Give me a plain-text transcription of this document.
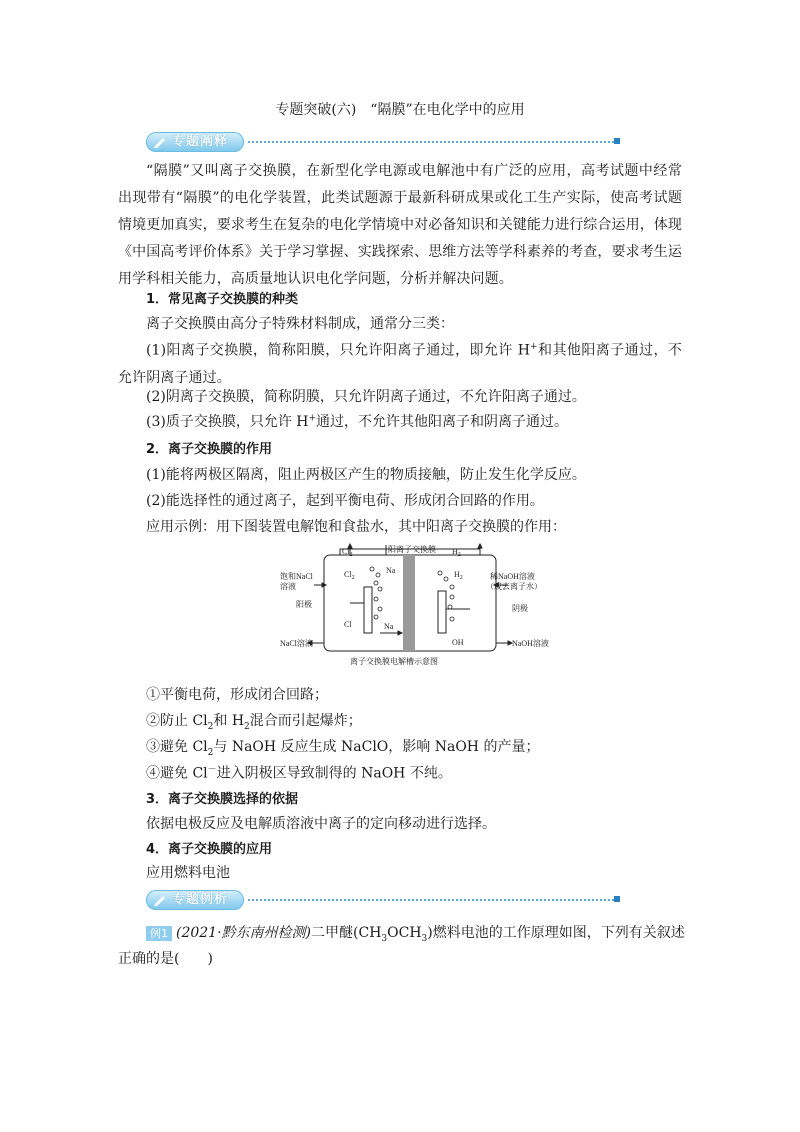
专题突破(六)　“隔膜”在电化学中的应用
专题阐释
“隔膜”又叫离子交换膜，在新型化学电源或电解池中有广泛的应用，高考试题中经常出现带有“隔膜”的电化学装置，此类试题源于最新科研成果或化工生产实际，使高考试题情境更加真实，要求考生在复杂的电化学情境中对必备知识和关键能力进行综合运用，体现《中国高考评价体系》关于学习掌握、实践探索、思维方法等学科素养的考查，要求考生运用学科相关能力，高质量地认识电化学问题，分析并解决问题。
1．常见离子交换膜的种类
离子交换膜由高分子特殊材料制成，通常分三类：
(1)阳离子交换膜，简称阳膜，只允许阳离子通过，即允许 H+和其他阳离子通过，不允许阴离子通过。
(2)阴离子交换膜，简称阴膜，只允许阴离子通过，不允许阳离子通过。
(3)质子交换膜，只允许 H+通过，不允许其他阳离子和阴离子通过。
2．离子交换膜的作用
(1)能将两极区隔离，阻止两极区产生的物质接触，防止发生化学反应。
(2)能选择性的通过离子，起到平衡电荷、形成闭合回路的作用。
应用示例：用下图装置电解饱和食盐水，其中阳离子交换膜的作用：
$Cl_2$
阳离子交换膜 $H_2$
饱和NaCl
溶液
$Cl_2$
Na	$H_2$	稀NaOH溶液
（或去离子水）
阳极	阴极
Cl	Na
OH
NaCl溶液	NaOH溶液
离子交换膜电解槽示意图
①平衡电荷，形成闭合回路；
②防止 $Cl_2$和 $H_2$混合而引起爆炸；
③避免 $Cl_2$与 NaOH 反应生成 NaClO，影响 NaOH 的产量；
④避免 Cl－进入阴极区导致制得的 NaOH 不纯。
3．离子交换膜选择的依据
依据电极反应及电解质溶液中离子的定向移动进行选择。
4．离子交换膜的应用
应用燃料电池
专题例析
例1 (2021·黔东南州检测)二甲醚$(CH_3OCH_3)$燃料电池的工作原理如图，下列有关叙述
正确的是(　　)
